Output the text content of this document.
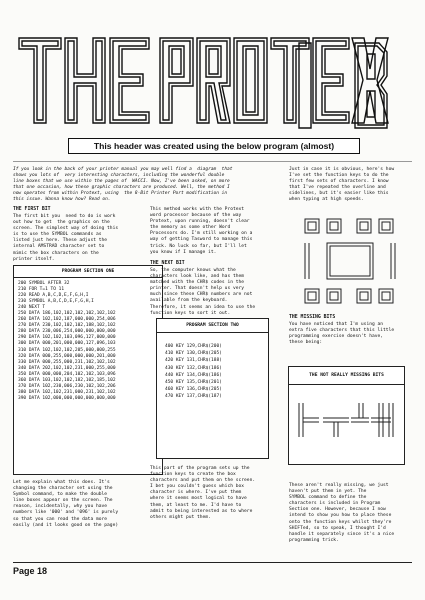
This header was created using the below program (almost)
If you look in the back of your printer manual you may well find a  diagram  that
shows you lots of  very interesting characters, including the wonderful double
line boxes that we use within the pages of  WACCI. Now, I've been asked, on more
that one occasion, how these graphic characters are produced. Well, the method I
now operates from within Protext, using  the 8-Bit Printer Port modification in
this issue. Wanna know how? Read on.
THE FIRST BIT
The first bit you  need to do is work
out how to get  the graphics on the
screen. The simplest way of doing this
is to use the SYMBOL commands as
listed just here. These adjust the
internal AMSTRAD character set to
mimic the box characters on the
printer itself.
PROGRAM SECTION ONE
200 SYMBOL AFTER 32
210 FOR T=1 TO 11
220 READ A,B,C,D,E,F,G,H,I
230 SYMBOL A,B,C,D,E,F,G,H,I
240 NEXT T
250 DATA 186,102,102,102,102,102,102
260 DATA 102,102,187,000,000,254,006
270 DATA 230,102,102,102,188,102,102
280 DATA 230,006,254,000,000,000,000
290 DATA 102,102,103,096,127,000,000
300 DATA 000,201,000,000,127,096,103
310 DATA 102,102,102,205,000,000,255
320 DATA 000,255,000,000,000,201,000
330 DATA 000,255,000,231,102,102,102
340 DATA 202,102,102,231,000,255,000
350 DATA 000,000,204,102,102,103,096
360 DATA 103,102,102,182,102,185,102
370 DATA 102,230,006,230,102,102,206
380 DATA 102,102,231,000,231,102,102
390 DATA 102,000,000,000,000,000,000
Let me explain what this does. It's
changing the character set using the
Symbol command, to make the double
line boxes appear on the screen. The
reason, incidentally, why you have
numbers like '000' and '096' is purely
so that you can read the data more
easily (and it looks good on the page)
This method works with the Protext
word processor because of the way
Protext, upon running, doesn't clear
the memory as some other Word
Processors do. I'm still working on a
way of getting Tasword to manage this
trick. No luck so far, but I'll let
you know if I manage it.
THE NEXT BIT
So, the computer knows what the
characters look like, and has them
matched with the CHR$ codes in the
printer. That doesn't help us very
much since these CHR$ numbers are not
available from the keyboard.
Therefore, it seems an idea to use the
function keys to sort it out.
PROGRAM SECTION TWO
400 KEY 129,CHR$(200)
410 KEY 130,CHR$(205)
420 KEY 131,CHR$(188)
430 KEY 132,CHR$(186)
440 KEY 134,CHR$(186)
450 KEY 135,CHR$(201)
460 KEY 136,CHR$(205)
470 KEY 137,CHR$(187)
This part of the program sets up the
function keys to create the box
characters and put them on the screen.
I bet you couldn't guess which box
character is where. I've put them
where it seems most logical to have
them, at least to me. I'd have to
admit to being interested as to where
others might put them.
Just in case it is obvious, here's how
I've set the function keys to do the
first few sets of characters. I know
that I've repeated the overline and
sidelines, but it's easier like this
when typing at high speeds.
THE MISSING BITS
You have noticed that I'm using an
extra five characters that this little
programming exercise doesn't have,
these being:
THE NOT REALLY MISSING BITS
These aren't really missing, we just
haven't put them in yet. The
SYMBOL command to define the
characters is included in Program
Section one. However, because I now
intend to show you how to place these
onto the function keys whilst they're
SHIFTed, so to speak, I thought I'd
handle it separately since it's a nice
programming trick.
Page 18
